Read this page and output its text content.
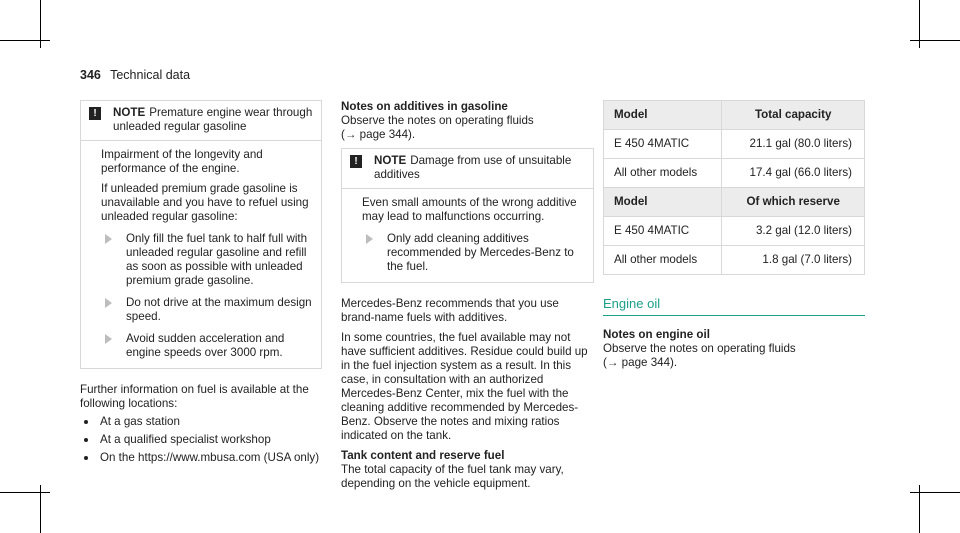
346 Technical data
!	NOTE Premature engine wear through unleaded regular gasoline

Impairment of the longevity and performance of the engine.

If unleaded premium grade gasoline is unavailable and you have to refuel using unleaded regular gasoline:

Only fill the fuel tank to half full with unleaded regular gasoline and refill as soon as possible with unleaded premium grade gasoline.
Do not drive at the maximum design speed.
Avoid sudden acceleration and engine speeds over 3000 rpm.

Further information on fuel is available at the following locations:

At a gas station
At a qualified specialist workshop
On the https://www.mbusa.com (USA only)

Notes on additives in gasoline

Observe the notes on operating fluids

(→ page 344).

!	NOTE Damage from use of unsuitable additives

Even small amounts of the wrong additive may lead to malfunctions occurring.

Only add cleaning additives recommended by Mercedes-Benz to the fuel.

Mercedes-Benz recommends that you use brand-name fuels with additives.

In some countries, the fuel available may not have sufficient additives. Residue could build up in the fuel injection system as a result. In this case, in consultation with an authorized Mercedes-Benz Center, mix the fuel with the cleaning additive recommended by Mercedes-Benz. Observe the notes and mixing ratios indicated on the tank.

Tank content and reserve fuel

The total capacity of the fuel tank may vary, depending on the vehicle equipment.

Model	Total capacity
E 450 4MATIC	21.1 gal (80.0 liters)
All other models	17.4 gal (66.0 liters)
Model	Of which reserve
E 450 4MATIC	3.2 gal (12.0 liters)
All other models	1.8 gal (7.0 liters)
Engine oil

Notes on engine oil

Observe the notes on operating fluids

(→ page 344).
